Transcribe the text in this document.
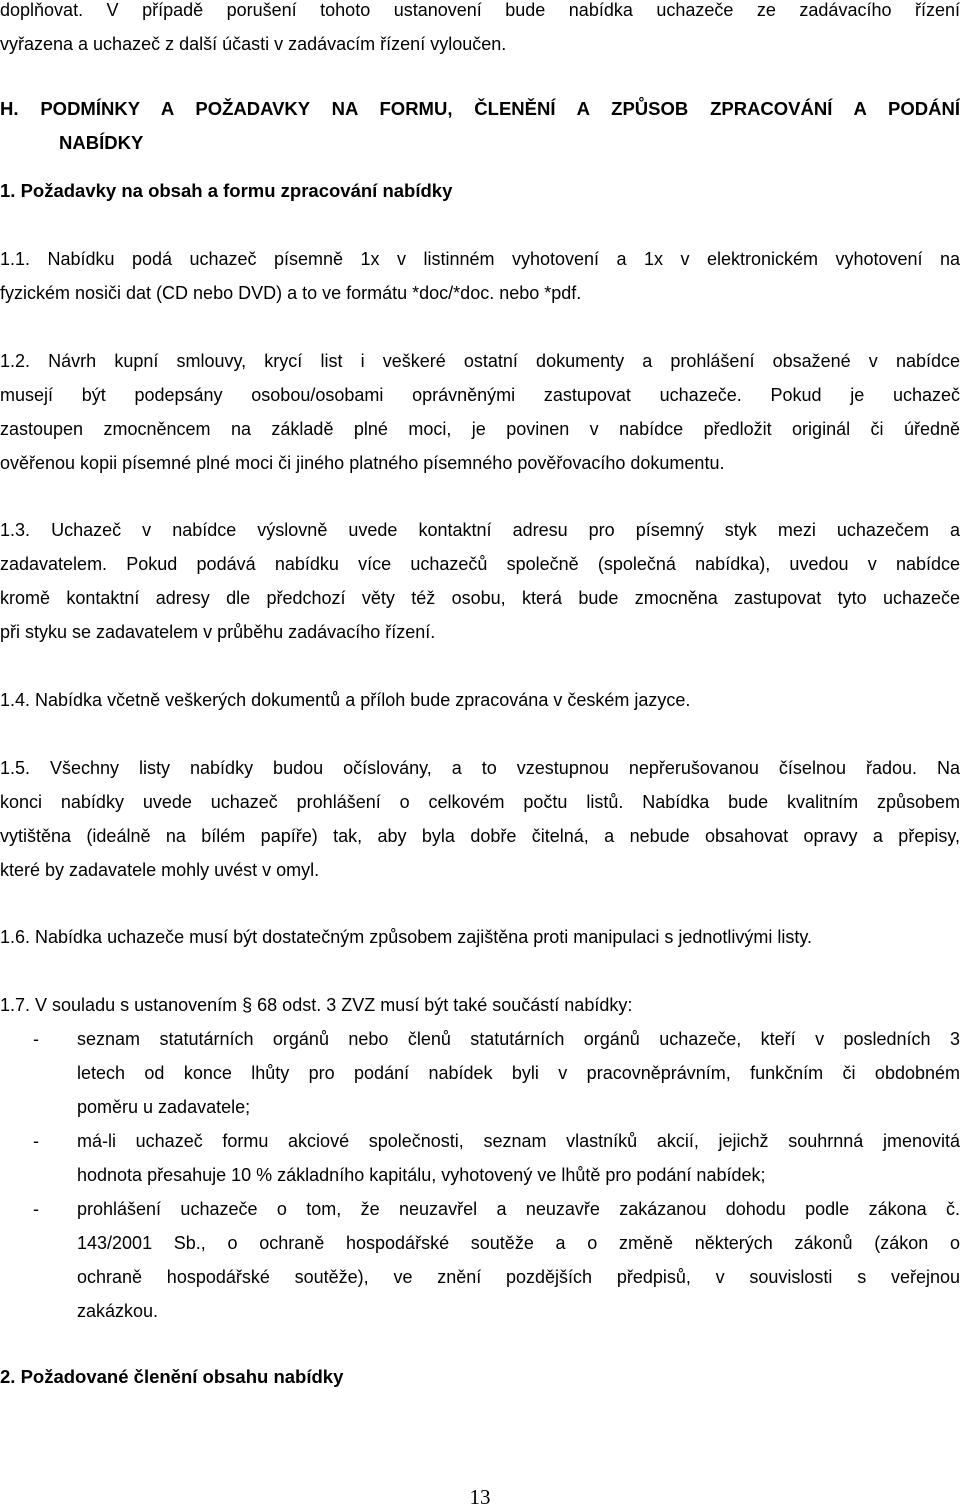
doplňovat. V případě porušení tohoto ustanovení bude nabídka uchazeče ze zadávacího řízení
vyřazena a uchazeč z další účasti v zadávacím řízení vyloučen.
H. PODMÍNKY A POŽADAVKY NA FORMU, ČLENĚNÍ A ZPŮSOB ZPRACOVÁNÍ A PODÁNÍ
NABÍDKY
1. Požadavky na obsah a formu zpracování nabídky
1.1. Nabídku podá uchazeč písemně 1x v listinném vyhotovení a 1x v elektronickém vyhotovení na
fyzickém nosiči dat (CD nebo DVD) a to ve formátu *doc/*doc. nebo *pdf.
1.2. Návrh kupní smlouvy, krycí list i veškeré ostatní dokumenty a prohlášení obsažené v nabídce
musejí být podepsány osobou/osobami oprávněnými zastupovat uchazeče. Pokud je uchazeč
zastoupen zmocněncem na základě plné moci, je povinen v nabídce předložit originál či úředně
ověřenou kopii písemné plné moci či jiného platného písemného pověřovacího dokumentu.
1.3. Uchazeč v nabídce výslovně uvede kontaktní adresu pro písemný styk mezi uchazečem a
zadavatelem. Pokud podává nabídku více uchazečů společně (společná nabídka), uvedou v nabídce
kromě kontaktní adresy dle předchozí věty též osobu, která bude zmocněna zastupovat tyto uchazeče
při styku se zadavatelem v průběhu zadávacího řízení.
1.4. Nabídka včetně veškerých dokumentů a příloh bude zpracována v českém jazyce.
1.5. Všechny listy nabídky budou očíslovány, a to vzestupnou nepřerušovanou číselnou řadou. Na
konci nabídky uvede uchazeč prohlášení o celkovém počtu listů. Nabídka bude kvalitním způsobem
vytištěna (ideálně na bílém papíře) tak, aby byla dobře čitelná, a nebude obsahovat opravy a přepisy,
které by zadavatele mohly uvést v omyl.
1.6. Nabídka uchazeče musí být dostatečným způsobem zajištěna proti manipulaci s jednotlivými listy.
1.7. V souladu s ustanovením § 68 odst. 3 ZVZ musí být také součástí nabídky:
-	seznam statutárních orgánů nebo členů statutárních orgánů uchazeče, kteří v posledních 3
letech od konce lhůty pro podání nabídek byli v pracovněprávním, funkčním či obdobném
poměru u zadavatele;
-	má-li uchazeč formu akciové společnosti, seznam vlastníků akcií, jejichž souhrnná jmenovitá
hodnota přesahuje 10 % základního kapitálu, vyhotovený ve lhůtě pro podání nabídek;
-	prohlášení uchazeče o tom, že neuzavřel a neuzavře zakázanou dohodu podle zákona č.
143/2001 Sb., o ochraně hospodářské soutěže a o změně některých zákonů (zákon o
ochraně hospodářské soutěže), ve znění pozdějších předpisů, v souvislosti s veřejnou
zakázkou.
2. Požadované členění obsahu nabídky
13
